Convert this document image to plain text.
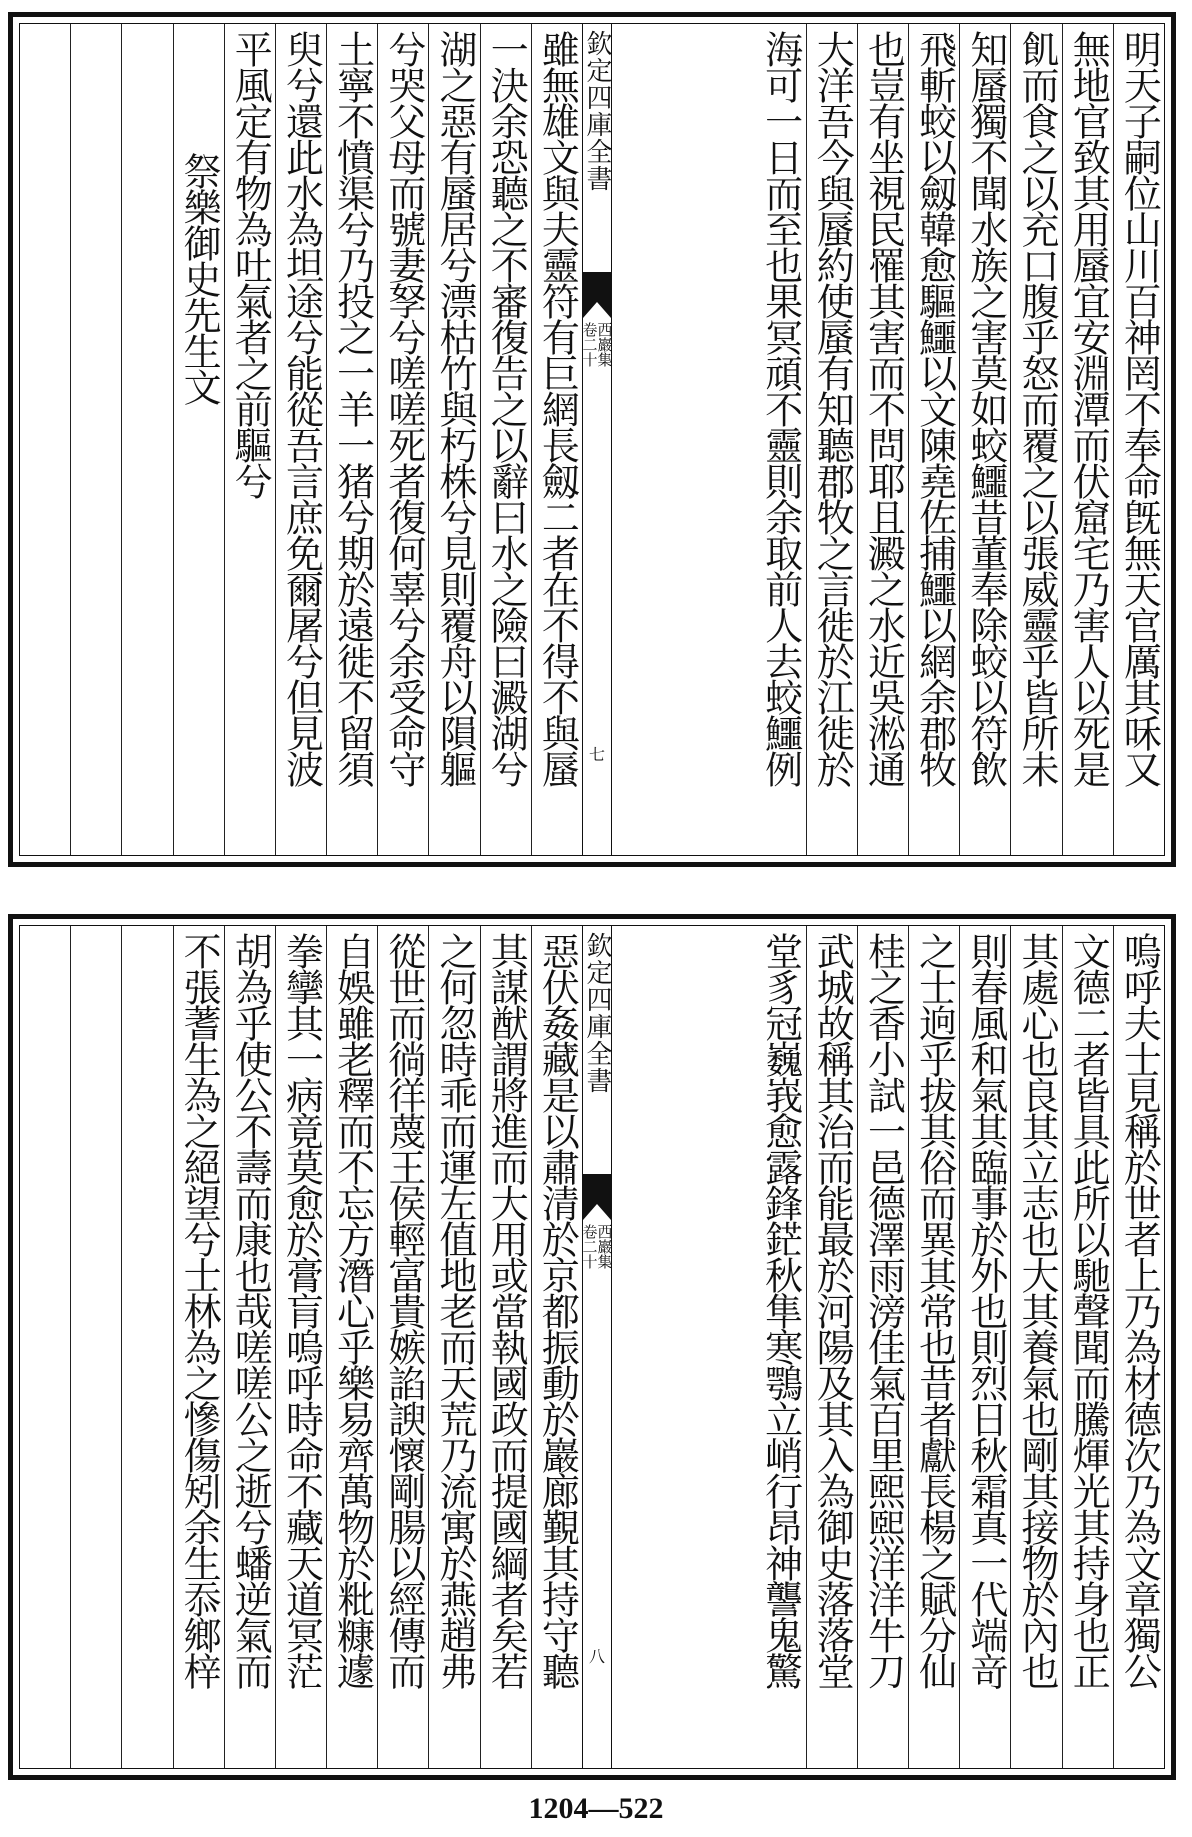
明天子嗣位山川百神罔不奉命旣無天官厲其咊又
無地官致其用蜃宜安淵潭而伏窟宅乃害人以死是
飢而食之以充口腹乎怒而覆之以張威靈乎皆所未
知蜃獨不聞水族之害莫如蛟鱷昔董奉除蛟以符飲
飛斬蛟以劔韓愈驅鱷以文陳堯佐捕鱷以網余郡牧
也豈有坐視民罹其害而不問耶且澱之水近吳淞通
大洋吾今與蜃約使蜃有知聽郡牧之言徙於江徙於
海可一日而至也果冥頑不靈則余取前人去蛟鱷例
欽定四庫全書
西巖集
卷二十
七
雖無雄文與夫靈符有巨網長劔二者在不得不與蜃
一決余恐聽之不審復告之以辭曰水之險曰澱湖兮
湖之惡有蜃居兮漂枯竹與朽株兮見則覆舟以隕軀
兮哭父母而號妻孥兮嗟嗟死者復何辜兮余受命守
土寧不憤渠兮乃投之一羊一猪兮期於遠徙不留須
臾兮還此水為坦途兮能從吾言庶免爾屠兮但見波
平風定有物為吐氣者之前驅兮
祭樂御史先生文
嗚呼夫士見稱於世者上乃為材德次乃為文章獨公
文德二者皆具此所以馳聲聞而騰煇光其持身也正
其處心也良其立志也大其養氣也剛其接物於內也
則春風和氣其臨事於外也則烈日秋霜真一代端竒
之士逈乎拔其俗而異其常也昔者獻長楊之賦分仙
桂之香小試一邑德澤雨滂佳氣百里煕煕洋洋牛刀
武城故稱其治而能最於河陽及其入為御史落落堂
堂豸冠巍峩愈露鋒鋩秋隼寒鶚立峭行昂神讋鬼驚
欽定四庫全書
西巖集
卷二十
八
惡伏姦藏是以肅清於京都振動於巖廊覲其持守聽
其謀猷謂將進而大用或當執國政而提國綱者矣若
之何忽時乖而運左值地老而天荒乃流寓於燕趙弗
從世而徜徉蔑王侯輕富貴嫉諂諛懷剛腸以經傳而
自娛雖老釋而不忘方潛心乎樂易齊萬物於粃糠遽
拳攣其一病竟莫愈於膏肓嗚呼時命不藏天道冥茫
胡為乎使公不壽而康也哉嗟嗟公之逝兮蟠逆氣而
不張蓍生為之絕望兮士林為之慘傷矧余生忝鄉梓
1204—522
